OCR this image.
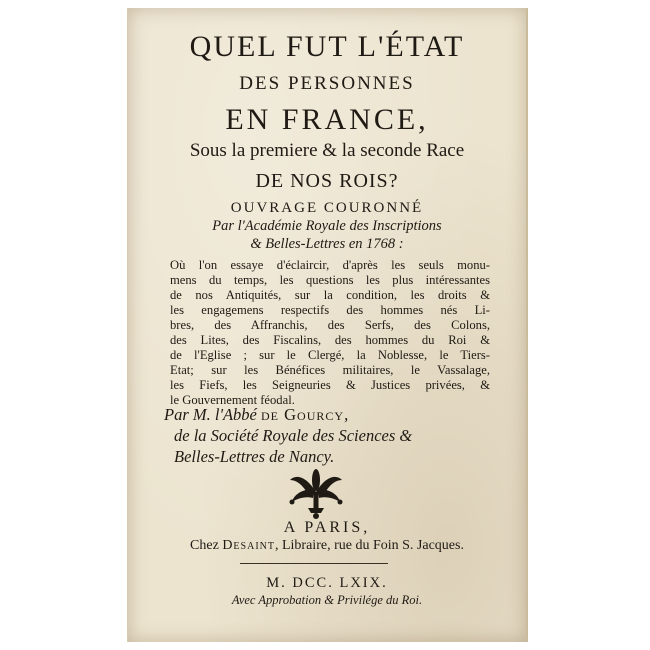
QUEL FUT L'ÉTAT
DES PERSONNES
EN FRANCE,
Sous la premiere & la seconde Race
DE NOS ROIS?
OUVRAGE COURONNÉ
Par l'Académie Royale des Inscriptions
& Belles-Lettres en 1768 :
Où l'on essaye d'éclaircir, d'après les seuls monu-
mens du temps, les questions les plus intéressantes
de nos Antiquités, sur la condition, les droits &
les engagemens respectifs des hommes nés Li-
bres, des Affranchis, des Serfs, des Colons,
des Lites, des Fiscalins, des hommes du Roi &
de l'Eglise ; sur le Clergé, la Noblesse, le Tiers-
Etat; sur les Bénéfices militaires, le Vassalage,
les Fiefs, les Seigneuries & Justices privées, &
le Gouvernement féodal.
Par M. l'Abbé de Gourcy,
de la Société Royale des Sciences &
Belles-Lettres de Nancy.
A PARIS,
Chez Desaint, Libraire, rue du Foin S. Jacques.
M. DCC. LXIX.
Avec Approbation & Privilége du Roi.
